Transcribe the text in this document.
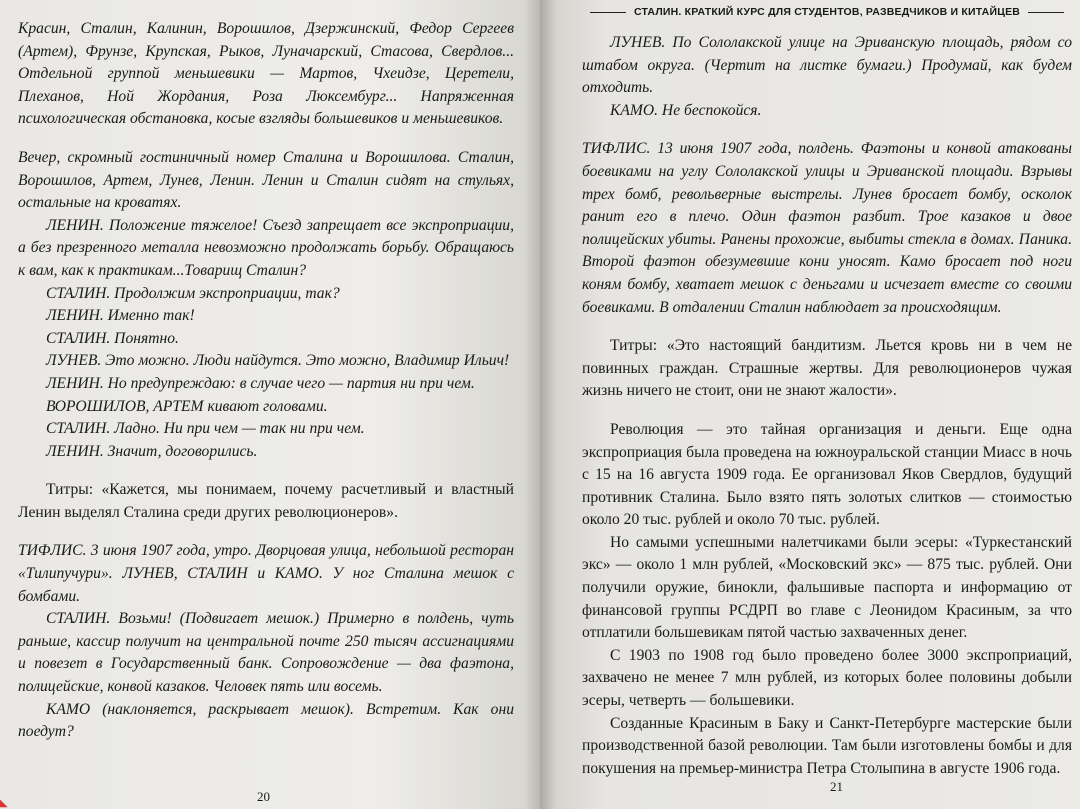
Красин, Сталин, Калинин, Ворошилов, Дзержинский, Федор Сергеев (Артем), Фрунзе, Крупская, Рыков, Луначарский, Стасова, Свердлов... Отдельной группой меньшевики — Мартов, Чхеидзе, Церетели, Плеханов, Ной Жордания, Роза Люксембург... Напряженная психологическая обстановка, косые взгляды большевиков и меньшевиков.

Вечер, скромный гостиничный номер Сталина и Ворошилова. Сталин, Ворошилов, Артем, Лунев, Ленин. Ленин и Сталин сидят на стульях, остальные на кроватях.

ЛЕНИН. Положение тяжелое! Съезд запрещает все экспроприации, а без презренного металла невозможно продолжать борьбу. Обращаюсь к вам, как к практикам...Товарищ Сталин?

СТАЛИН. Продолжим экспроприации, так?

ЛЕНИН. Именно так!

СТАЛИН. Понятно.

ЛУНЕВ. Это можно. Люди найдутся. Это можно, Владимир Ильич!

ЛЕНИН. Но предупреждаю: в случае чего — партия ни при чем.

ВОРОШИЛОВ, АРТЕМ кивают головами.

СТАЛИН. Ладно. Ни при чем — так ни при чем.

ЛЕНИН. Значит, договорились.

Титры: «Кажется, мы понимаем, почему расчетливый и властный Ленин выделял Сталина среди других революционеров».

ТИФЛИС. 3 июня 1907 года, утро. Дворцовая улица, небольшой ресторан «Тилипучури». ЛУНЕВ, СТАЛИН и КАМО. У ног Сталина мешок с бомбами.

СТАЛИН. Возьми! (Подвигает мешок.) Примерно в полдень, чуть раньше, кассир получит на центральной почте 250 тысяч ассигнациями и повезет в Государственный банк. Сопровождение — два фаэтона, полицейские, конвой казаков. Человек пять или восемь.

КАМО (наклоняется, раскрывает мешок). Встретим. Как они поедут?

20
◣
СТАЛИН. КРАТКИЙ КУРС ДЛЯ СТУДЕНТОВ, РАЗВЕДЧИКОВ И КИТАЙЦЕВ

ЛУНЕВ. По Сололакской улице на Эриванскую площадь, рядом со штабом округа. (Чертит на листке бумаги.) Продумай, как будем отходить.

КАМО. Не беспокойся.

ТИФЛИС. 13 июня 1907 года, полдень. Фаэтоны и конвой атакованы боевиками на углу Сололакской улицы и Эриванской площади. Взрывы трех бомб, револьверные выстрелы. Лунев бросает бомбу, осколок ранит его в плечо. Один фаэтон разбит. Трое казаков и двое полицейских убиты. Ранены прохожие, выбиты стекла в домах. Паника. Второй фаэтон обезумевшие кони уносят. Камо бросает под ноги коням бомбу, хватает мешок с деньгами и исчезает вместе со своими боевиками. В отдалении Сталин наблюдает за происходящим.

Титры: «Это настоящий бандитизм. Льется кровь ни в чем не повинных граждан. Страшные жертвы. Для революционеров чужая жизнь ничего не стоит, они не знают жалости».

Революция — это тайная организация и деньги. Еще одна экспроприация была проведена на южноуральской станции Миасс в ночь с 15 на 16 августа 1909 года. Ее организовал Яков Свердлов, будущий противник Сталина. Было взято пять золотых слитков — стоимостью около 20 тыс. рублей и около 70 тыс. рублей.

Но самыми успешными налетчиками были эсеры: «Туркестанский экс» — около 1 млн рублей, «Московский экс» — 875 тыс. рублей. Они получили оружие, бинокли, фальшивые паспорта и информацию от финансовой группы РСДРП во главе с Леонидом Красиным, за что отплатили большевикам пятой частью захваченных денег.

С 1903 по 1908 год было проведено более 3000 экспроприаций, захвачено не менее 7 млн рублей, из которых более половины добыли эсеры, четверть — большевики.

Созданные Красиным в Баку и Санкт-Петербурге мастерские были производственной базой революции. Там были изготовлены бомбы и для покушения на премьер-министра Петра Столыпина в августе 1906 года.

21
